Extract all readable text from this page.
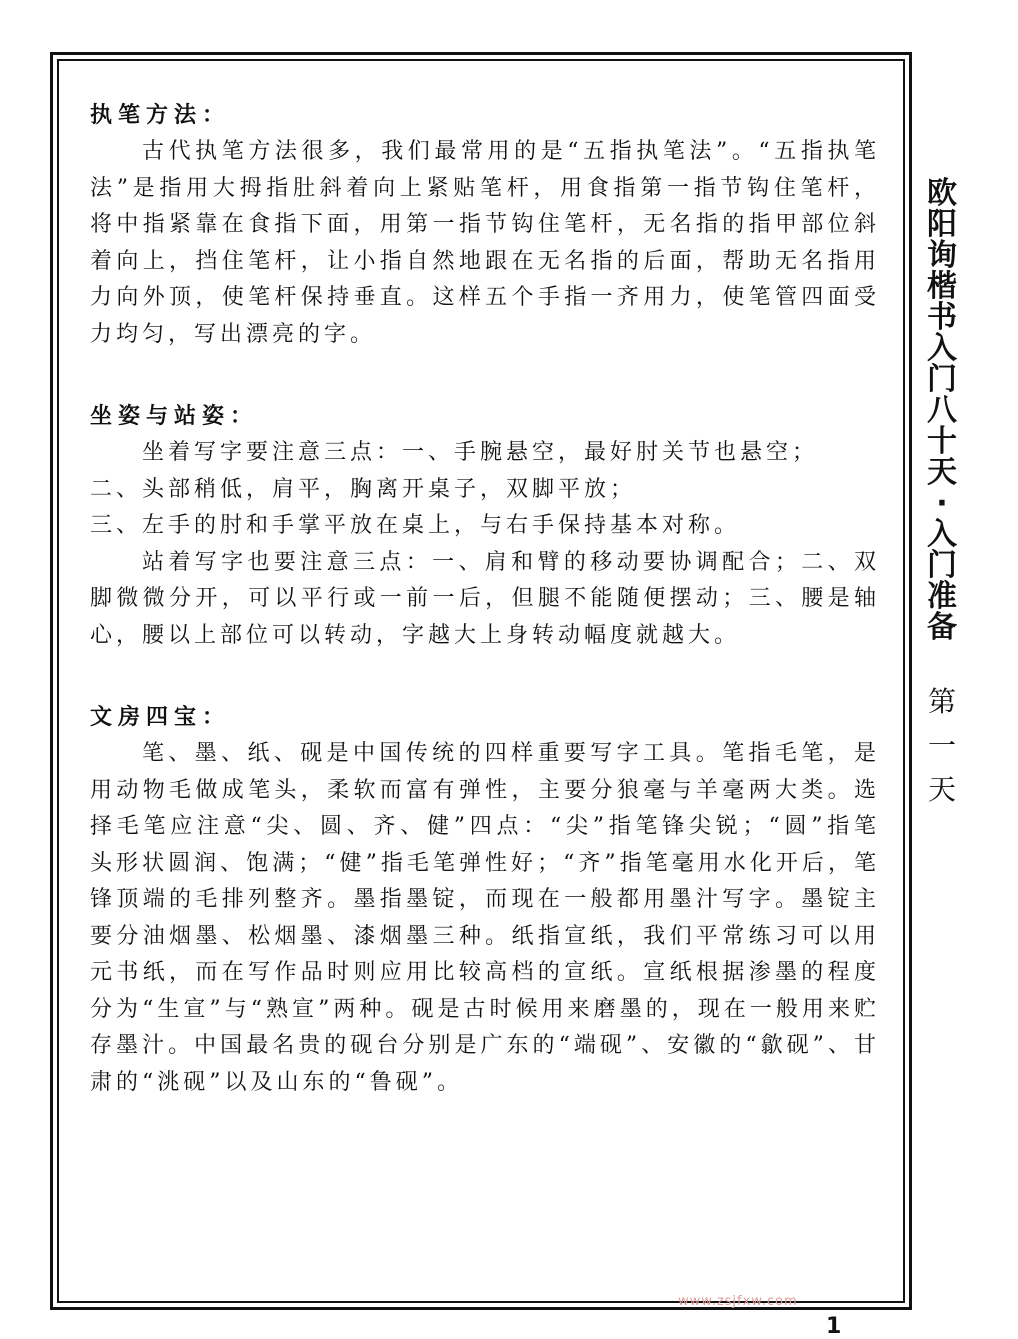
执笔方法：

古代执笔方法很多，我们最常用的是“五指执笔法”。“五指执笔法”是指用大拇指肚斜着向上紧贴笔杆，用食指第一指节钩住笔杆，将中指紧靠在食指下面，用第一指节钩住笔杆，无名指的指甲部位斜着向上，挡住笔杆，让小指自然地跟在无名指的后面，帮助无名指用力向外顶，使笔杆保持垂直。这样五个手指一齐用力，使笔管四面受力均匀，写出漂亮的字。

坐姿与站姿：

坐着写字要注意三点：一、手腕悬空，最好肘关节也悬空；

二、头部稍低，肩平，胸离开桌子，双脚平放；

三、左手的肘和手掌平放在桌上，与右手保持基本对称。

站着写字也要注意三点：一、肩和臂的移动要协调配合；二、双脚微微分开，可以平行或一前一后，但腿不能随便摆动；三、腰是轴心，腰以上部位可以转动，字越大上身转动幅度就越大。

文房四宝：

笔、墨、纸、砚是中国传统的四样重要写字工具。笔指毛笔，是用动物毛做成笔头，柔软而富有弹性，主要分狼毫与羊毫两大类。选择毛笔应注意“尖、圆、齐、健”四点：“尖”指笔锋尖锐；“圆”指笔头形状圆润、饱满；“健”指毛笔弹性好；“齐”指笔毫用水化开后，笔锋顶端的毛排列整齐。墨指墨锭，而现在一般都用墨汁写字。墨锭主要分油烟墨、松烟墨、漆烟墨三种。纸指宣纸，我们平常练习可以用元书纸，而在写作品时则应用比较高档的宣纸。宣纸根据渗墨的程度分为“生宣”与“熟宣”两种。砚是古时候用来磨墨的，现在一般用来贮存墨汁。中国最名贵的砚台分别是广东的“端砚”、安徽的“歙砚”、甘肃的“洮砚”以及山东的“鲁砚”。

欧阳询楷书入门八十天·入门准备
第一天
www.zsjfxw.com
1
